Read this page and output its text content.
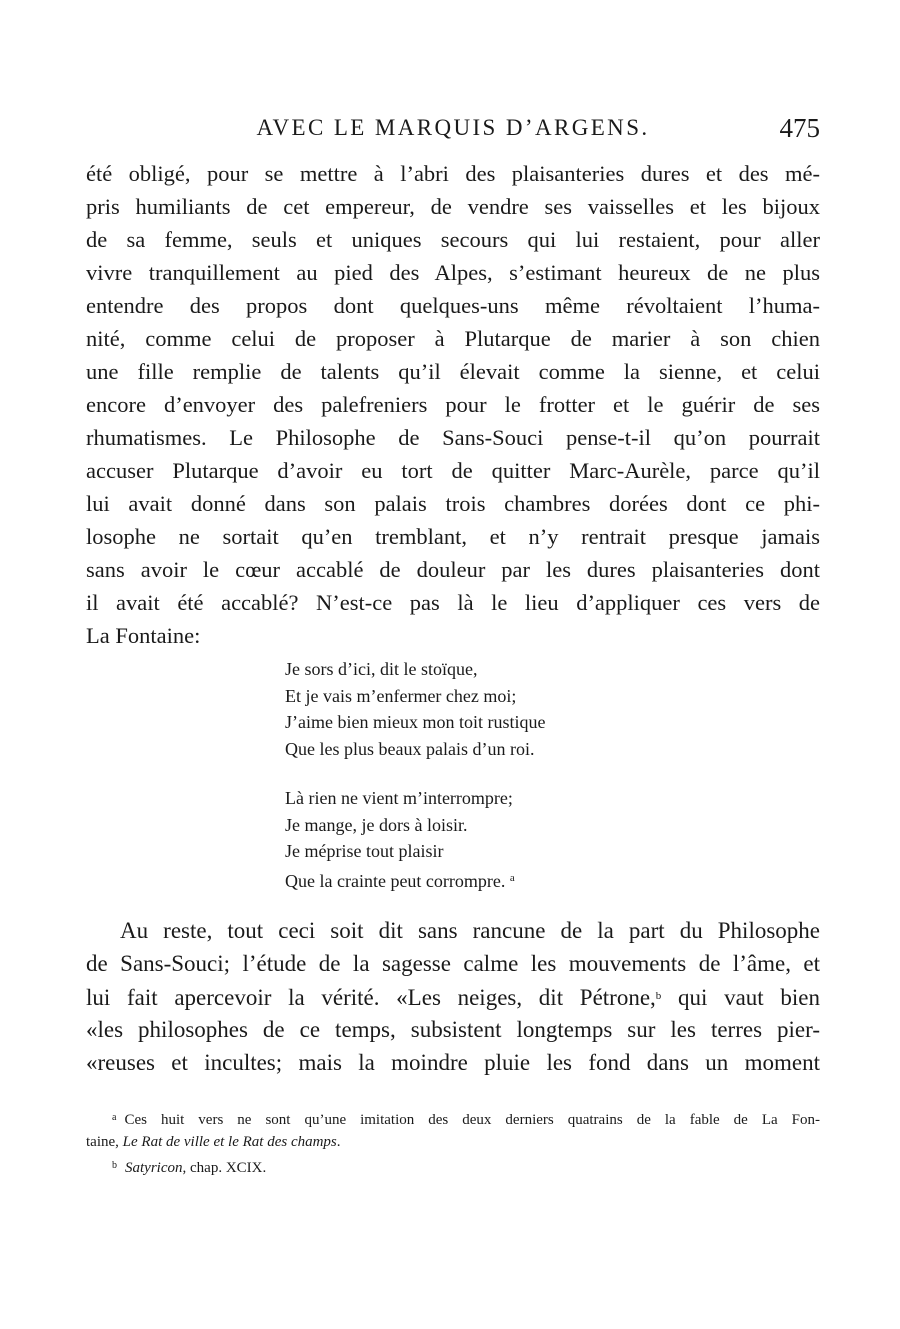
AVEC LE MARQUIS D’ARGENS.	475
été obligé, pour se mettre à l’abri des plaisanteries dures et des mé-
pris humiliants de cet empereur, de vendre ses vaisselles et les bijoux
de sa femme, seuls et uniques secours qui lui restaient, pour aller
vivre tranquillement au pied des Alpes, s’estimant heureux de ne plus
entendre des propos dont quelques-uns même révoltaient l’huma-
nité, comme celui de proposer à Plutarque de marier à son chien
une fille remplie de talents qu’il élevait comme la sienne, et celui
encore d’envoyer des palefreniers pour le frotter et le guérir de ses
rhumatismes. Le Philosophe de Sans-Souci pense-t-il qu’on pourrait
accuser Plutarque d’avoir eu tort de quitter Marc-Aurèle, parce qu’il
lui avait donné dans son palais trois chambres dorées dont ce phi-
losophe ne sortait qu’en tremblant, et n’y rentrait presque jamais
sans avoir le cœur accablé de douleur par les dures plaisanteries dont
il avait été accablé? N’est-ce pas là le lieu d’appliquer ces vers de
La Fontaine:
Je sors d’ici, dit le stoïque,
Et je vais m’enfermer chez moi;
J’aime bien mieux mon toit rustique
Que les plus beaux palais d’un roi.
Là rien ne vient m’interrompre;
Je mange, je dors à loisir.
Je méprise tout plaisir
Que la crainte peut corrompre. $^a$
Au reste, tout ceci soit dit sans rancune de la part du Philosophe
de Sans-Souci; l’étude de la sagesse calme les mouvements de l’âme, et
lui fait apercevoir la vérité. «Les neiges, dit Pétrone,$^b$ qui vaut bien
«les philosophes de ce temps, subsistent longtemps sur les terres pier-
«reuses et incultes; mais la moindre pluie les fond dans un moment
$^a$ Ces huit vers ne sont qu’une imitation des deux derniers quatrains de la fable de La Fon-
taine, Le Rat de ville et le Rat des champs.
$^b$ Satyricon, chap. XCIX.
